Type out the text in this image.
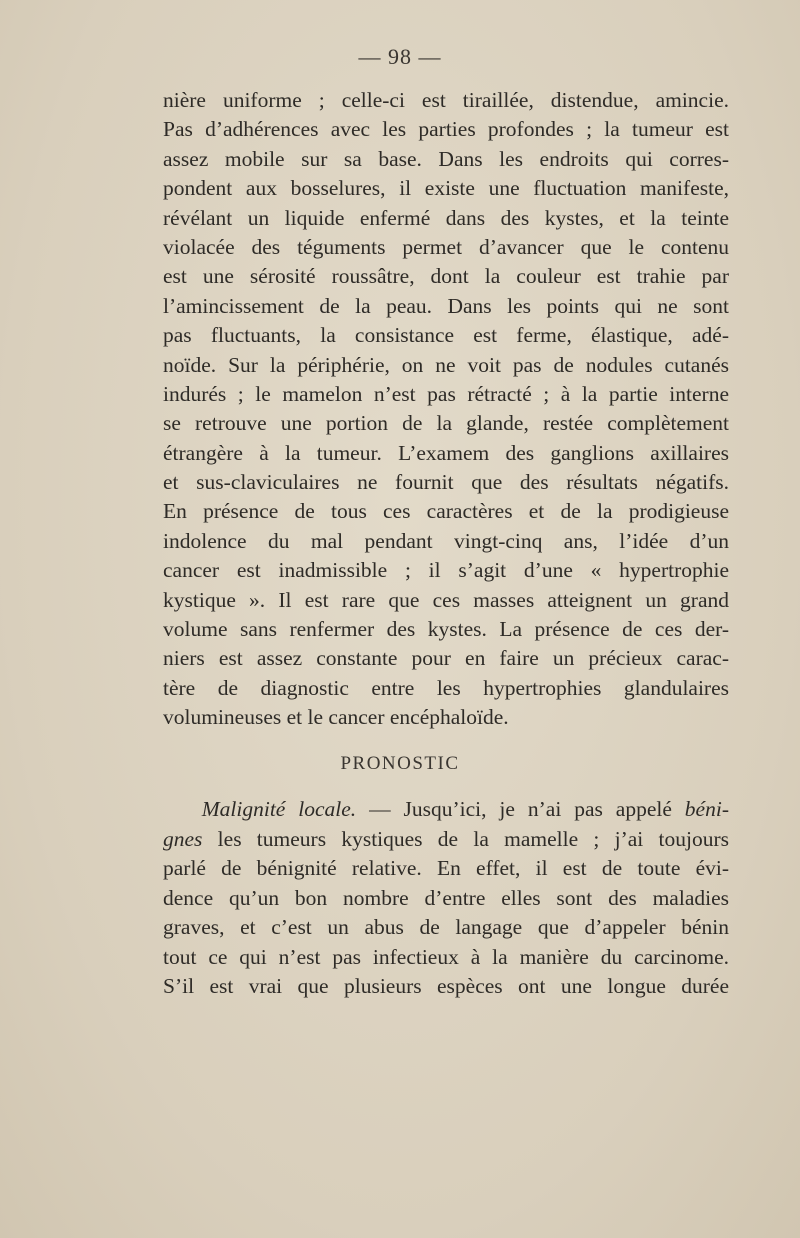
— 98 —
nière uniforme ; celle-ci est tiraillée, distendue, amincie.
Pas d’adhérences avec les parties profondes ; la tumeur est
assez mobile sur sa base. Dans les endroits qui corres-
pondent aux bosselures, il existe une fluctuation manifeste,
révélant un liquide enfermé dans des kystes, et la teinte
violacée des téguments permet d’avancer que le contenu
est une sérosité roussâtre, dont la couleur est trahie par
l’amincissement de la peau. Dans les points qui ne sont
pas fluctuants, la consistance est ferme, élastique, adé-
noïde. Sur la périphérie, on ne voit pas de nodules cutanés
indurés ; le mamelon n’est pas rétracté ; à la partie interne
se retrouve une portion de la glande, restée complètement
étrangère à la tumeur. L’examem des ganglions axillaires
et sus-claviculaires ne fournit que des résultats négatifs.
En présence de tous ces caractères et de la prodigieuse
indolence du mal pendant vingt-cinq ans, l’idée d’un
cancer est inadmissible ; il s’agit d’une « hypertrophie
kystique ». Il est rare que ces masses atteignent un grand
volume sans renfermer des kystes. La présence de ces der-
niers est assez constante pour en faire un précieux carac-
tère de diagnostic entre les hypertrophies glandulaires
volumineuses et le cancer encéphaloïde.
PRONOSTIC
Malignité locale. — Jusqu’ici, je n’ai pas appelé béni-
gnes les tumeurs kystiques de la mamelle ; j’ai toujours
parlé de bénignité relative. En effet, il est de toute évi-
dence qu’un bon nombre d’entre elles sont des maladies
graves, et c’est un abus de langage que d’appeler bénin
tout ce qui n’est pas infectieux à la manière du carcinome.
S’il est vrai que plusieurs espèces ont une longue durée
